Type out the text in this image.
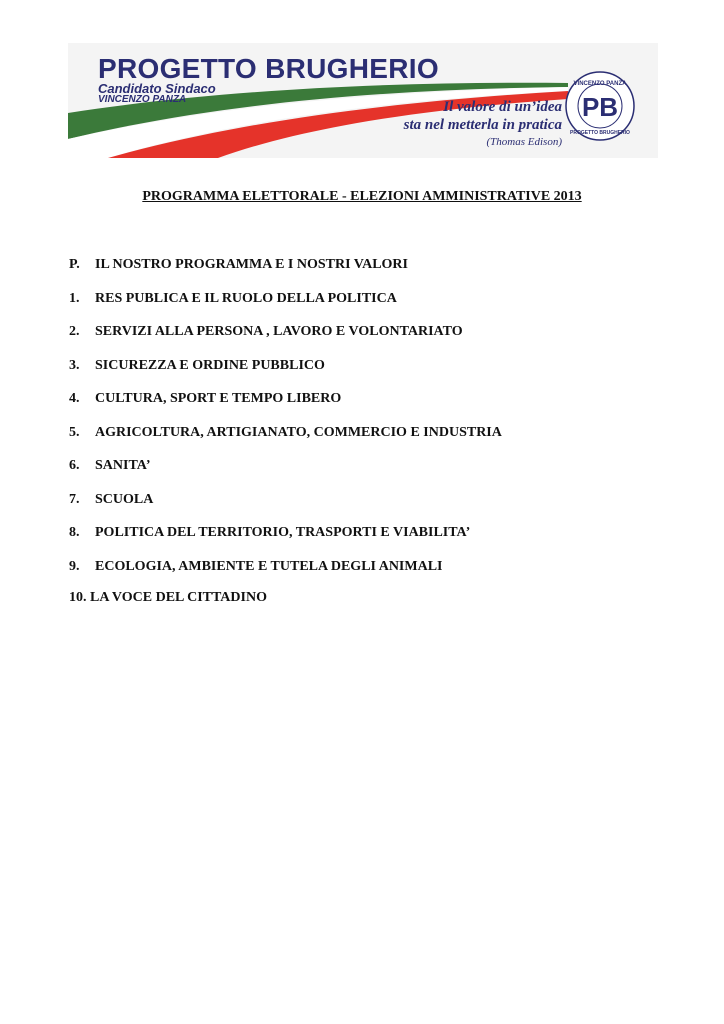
PROGETTO BRUGHERIO
Candidato Sindaco
VINCENZO PANZA	Il valore di un’idea
sta nel metterla in pratica
(Thomas Edison)
VINCENZO PANZA
PROGETTO BRUGHERIO
PB
PROGRAMMA ELETTORALE - ELEZIONI AMMINISTRATIVE 2013
P. IL NOSTRO PROGRAMMA E I NOSTRI VALORI
1. RES PUBLICA E IL RUOLO DELLA POLITICA
2. SERVIZI ALLA PERSONA , LAVORO E VOLONTARIATO
3. SICUREZZA E ORDINE PUBBLICO
4. CULTURA, SPORT E TEMPO LIBERO
5. AGRICOLTURA, ARTIGIANATO, COMMERCIO E INDUSTRIA
6. SANITA’
7. SCUOLA
8. POLITICA DEL TERRITORIO, TRASPORTI E VIABILITA’
9. ECOLOGIA, AMBIENTE E TUTELA DEGLI ANIMALI
10. LA VOCE DEL CITTADINO
